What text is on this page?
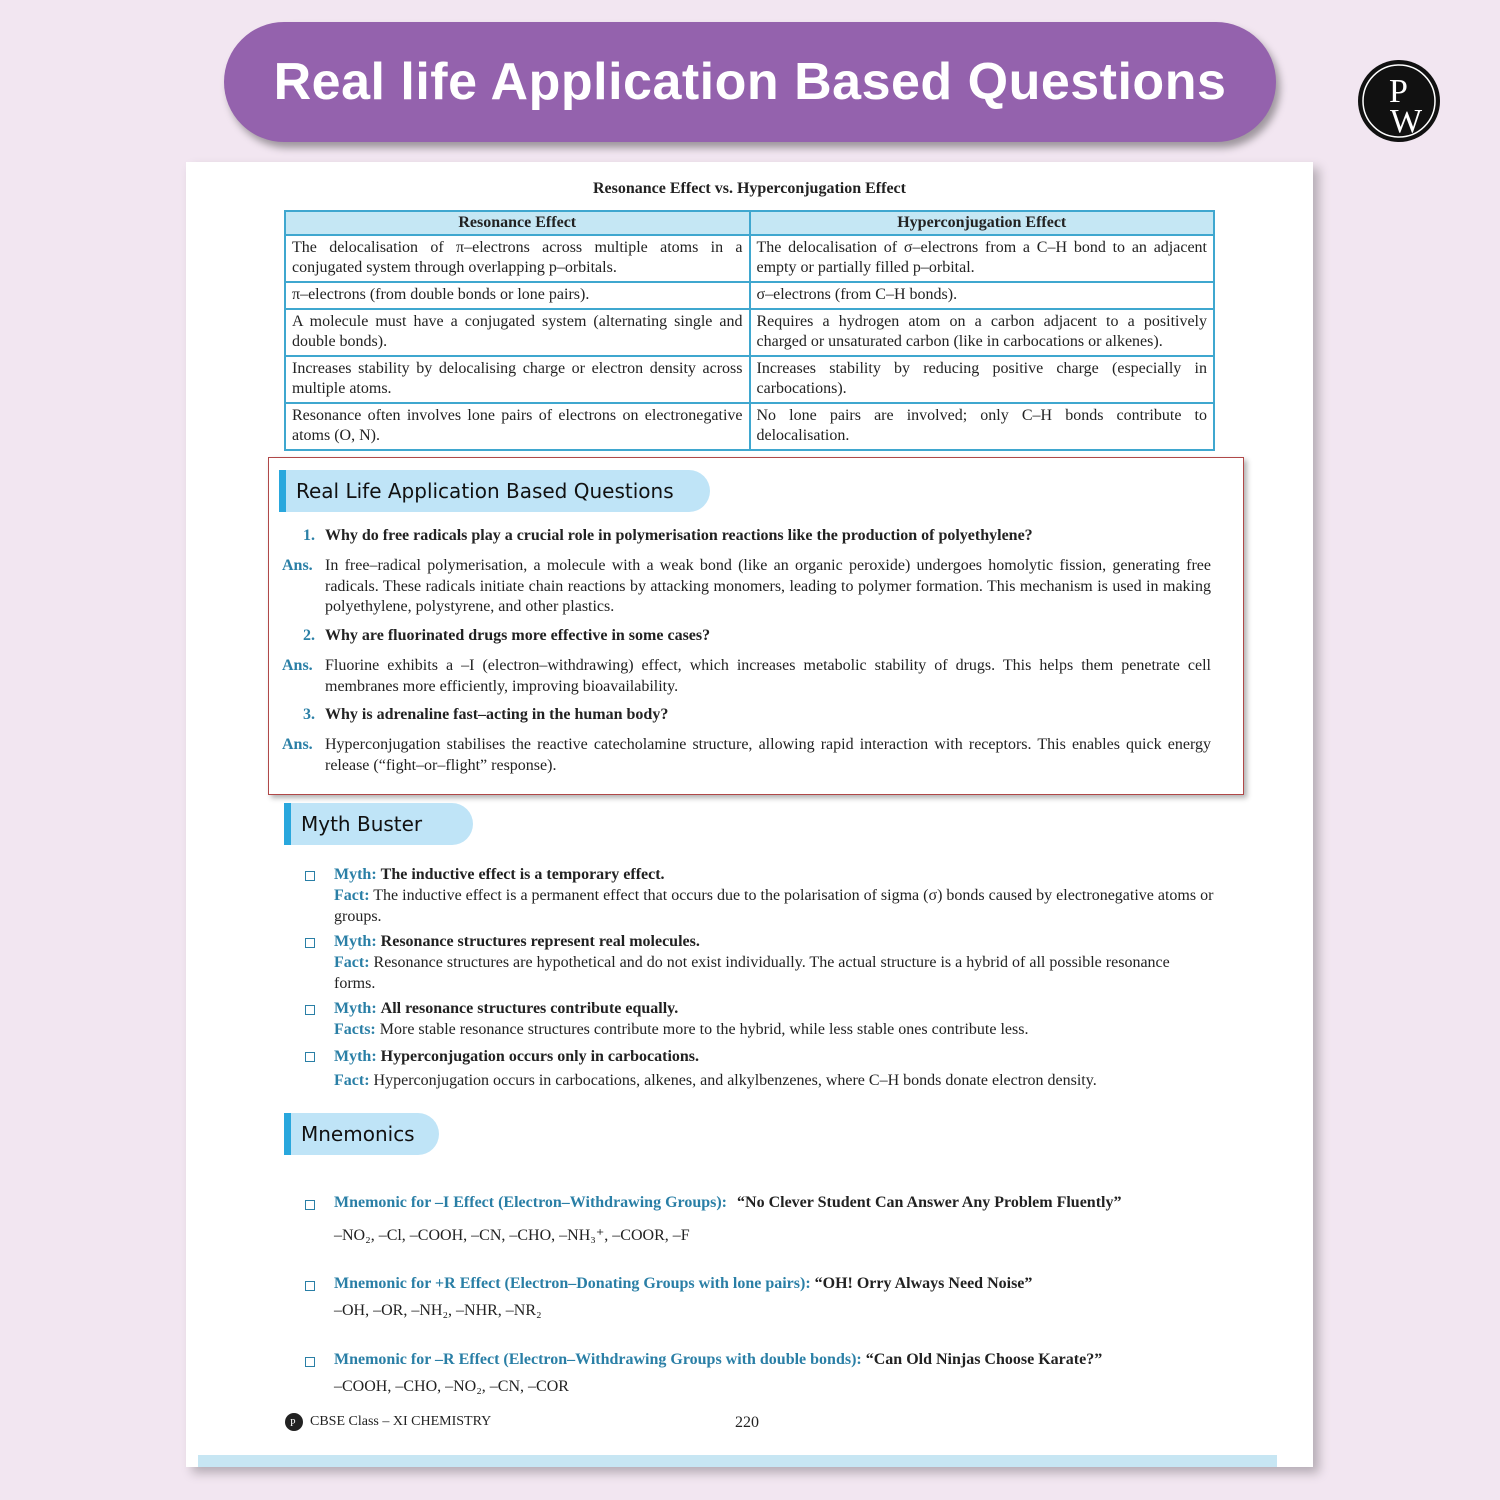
Real life Application Based Questions	P
W
Resonance Effect vs. Hyperconjugation Effect
Resonance Effect	Hyperconjugation Effect
The delocalisation of π–electrons across multiple atoms in a conjugated system through overlapping p–orbitals.	The delocalisation of σ–electrons from a C–H bond to an adjacent empty or partially filled p–orbital.
π–electrons (from double bonds or lone pairs).	σ–electrons (from C–H bonds).
A molecule must have a conjugated system (alternating single and double bonds).	Requires a hydrogen atom on a carbon adjacent to a positively charged or unsaturated carbon (like in carbocations or alkenes).
Increases stability by delocalising charge or electron density across multiple atoms.	Increases stability by reducing positive charge (especially in carbocations).
Resonance often involves lone pairs of electrons on electronegative atoms (O, N).	No lone pairs are involved; only C–H bonds contribute to delocalisation.
Real Life Application Based Questions
1. Why do free radicals play a crucial role in polymerisation reactions like the production of polyethylene?
Ans. In free–radical polymerisation, a molecule with a weak bond (like an organic peroxide) undergoes homolytic fission, generating free radicals. These radicals initiate chain reactions by attacking monomers, leading to polymer formation. This mechanism is used in making polyethylene, polystyrene, and other plastics.
2. Why are fluorinated drugs more effective in some cases?
Ans. Fluorine exhibits a –I (electron–withdrawing) effect, which increases metabolic stability of drugs. This helps them penetrate cell membranes more efficiently, improving bioavailability.
3. Why is adrenaline fast–acting in the human body?
Ans. Hyperconjugation stabilises the reactive catecholamine structure, allowing rapid interaction with receptors. This enables quick energy release (“fight–or–flight” response).
Myth Buster
Myth: The inductive effect is a temporary effect.
Fact: The inductive effect is a permanent effect that occurs due to the polarisation of sigma (σ) bonds caused by electronegative atoms or groups.
Myth: Resonance structures represent real molecules.
Fact: Resonance structures are hypothetical and do not exist individually. The actual structure is a hybrid of all possible resonance forms.
Myth: All resonance structures contribute equally.
Facts: More stable resonance structures contribute more to the hybrid, while less stable ones contribute less.
Myth: Hyperconjugation occurs only in carbocations.
Fact: Hyperconjugation occurs in carbocations, alkenes, and alkylbenzenes, where C–H bonds donate electron density.
Mnemonics
Mnemonic for –I Effect (Electron–Withdrawing Groups): “No Clever Student Can Answer Any Problem Fluently”
–NO₂, –Cl, –COOH, –CN, –CHO, –NH₃⁺, –COOR, –F
Mnemonic for +R Effect (Electron–Donating Groups with lone pairs): “OH! Orry Always Need Noise”
–OH, –OR, –NH₂, –NHR, –NR₂
Mnemonic for –R Effect (Electron–Withdrawing Groups with double bonds): “Can Old Ninjas Choose Karate?”
–COOH, –CHO, –NO₂, –CN, –COR
P CBSE Class – XI CHEMISTRY	220
